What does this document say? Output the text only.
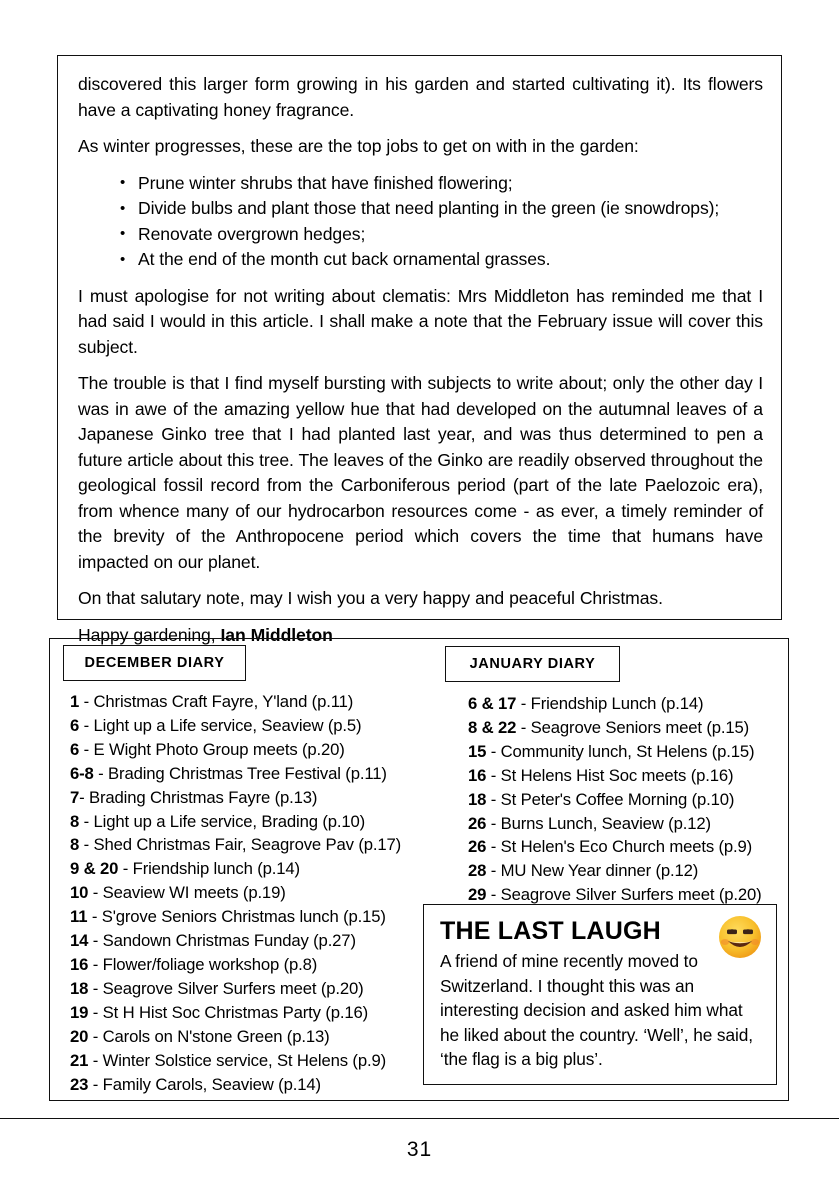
discovered this larger form growing in his garden and started cultivating it). Its flowers have a captivating honey fragrance.

As winter progresses, these are the top jobs to get on with in the garden:

• Prune winter shrubs that have finished flowering;
• Divide bulbs and plant those that need planting in the green (ie snowdrops);
• Renovate overgrown hedges;
• At the end of the month cut back ornamental grasses.

I must apologise for not writing about clematis: Mrs Middleton has reminded me that I had said I would in this article. I shall make a note that the February issue will cover this subject.

The trouble is that I find myself bursting with subjects to write about; only the other day I was in awe of the amazing yellow hue that had developed on the autumnal leaves of a Japanese Ginko tree that I had planted last year, and was thus determined to pen a future article about this tree. The leaves of the Ginko are readily observed throughout the geological fossil record from the Carboniferous period (part of the late Paelozoic era), from whence many of our hydrocarbon resources come - as ever, a timely reminder of the brevity of the Anthropocene period which covers the time that humans have impacted on our planet.

On that salutary note, may I wish you a very happy and peaceful Christmas.

Happy gardening, Ian Middleton

DECEMBER DIARY
1 - Christmas Craft Fayre, Y'land (p.11)
6 - Light up a Life service, Seaview (p.5)
6 - E Wight Photo Group meets (p.20)
6-8 - Brading Christmas Tree Festival (p.11)
7- Brading Christmas Fayre (p.13)
8 - Light up a Life service, Brading (p.10)
8 - Shed Christmas Fair, Seagrove Pav (p.17)
9 & 20 - Friendship lunch (p.14)
10 - Seaview WI meets (p.19)
11 - S'grove Seniors Christmas lunch (p.15)
14 - Sandown Christmas Funday (p.27)
16 - Flower/foliage workshop (p.8)
18 - Seagrove Silver Surfers meet (p.20)
19 - St H Hist Soc Christmas Party (p.16)
20 - Carols on N'stone Green (p.13)
21 - Winter Solstice service, St Helens (p.9)
23 - Family Carols, Seaview (p.14)
JANUARY DIARY
6 & 17 - Friendship Lunch (p.14)
8 & 22 - Seagrove Seniors meet (p.15)
15 - Community lunch, St Helens (p.15)
16 - St Helens Hist Soc meets (p.16)
18 - St Peter's Coffee Morning (p.10)
26 - Burns Lunch, Seaview (p.12)
26 - St Helen's Eco Church meets (p.9)
28 - MU New Year dinner (p.12)
29 - Seagrove Silver Surfers meet (p.20)
THE LAST LAUGH

A friend of mine recently moved to Switzerland. I thought this was an interesting decision and asked him what he liked about the country. ‘Well’, he said, ‘the flag is a big plus’.

31
